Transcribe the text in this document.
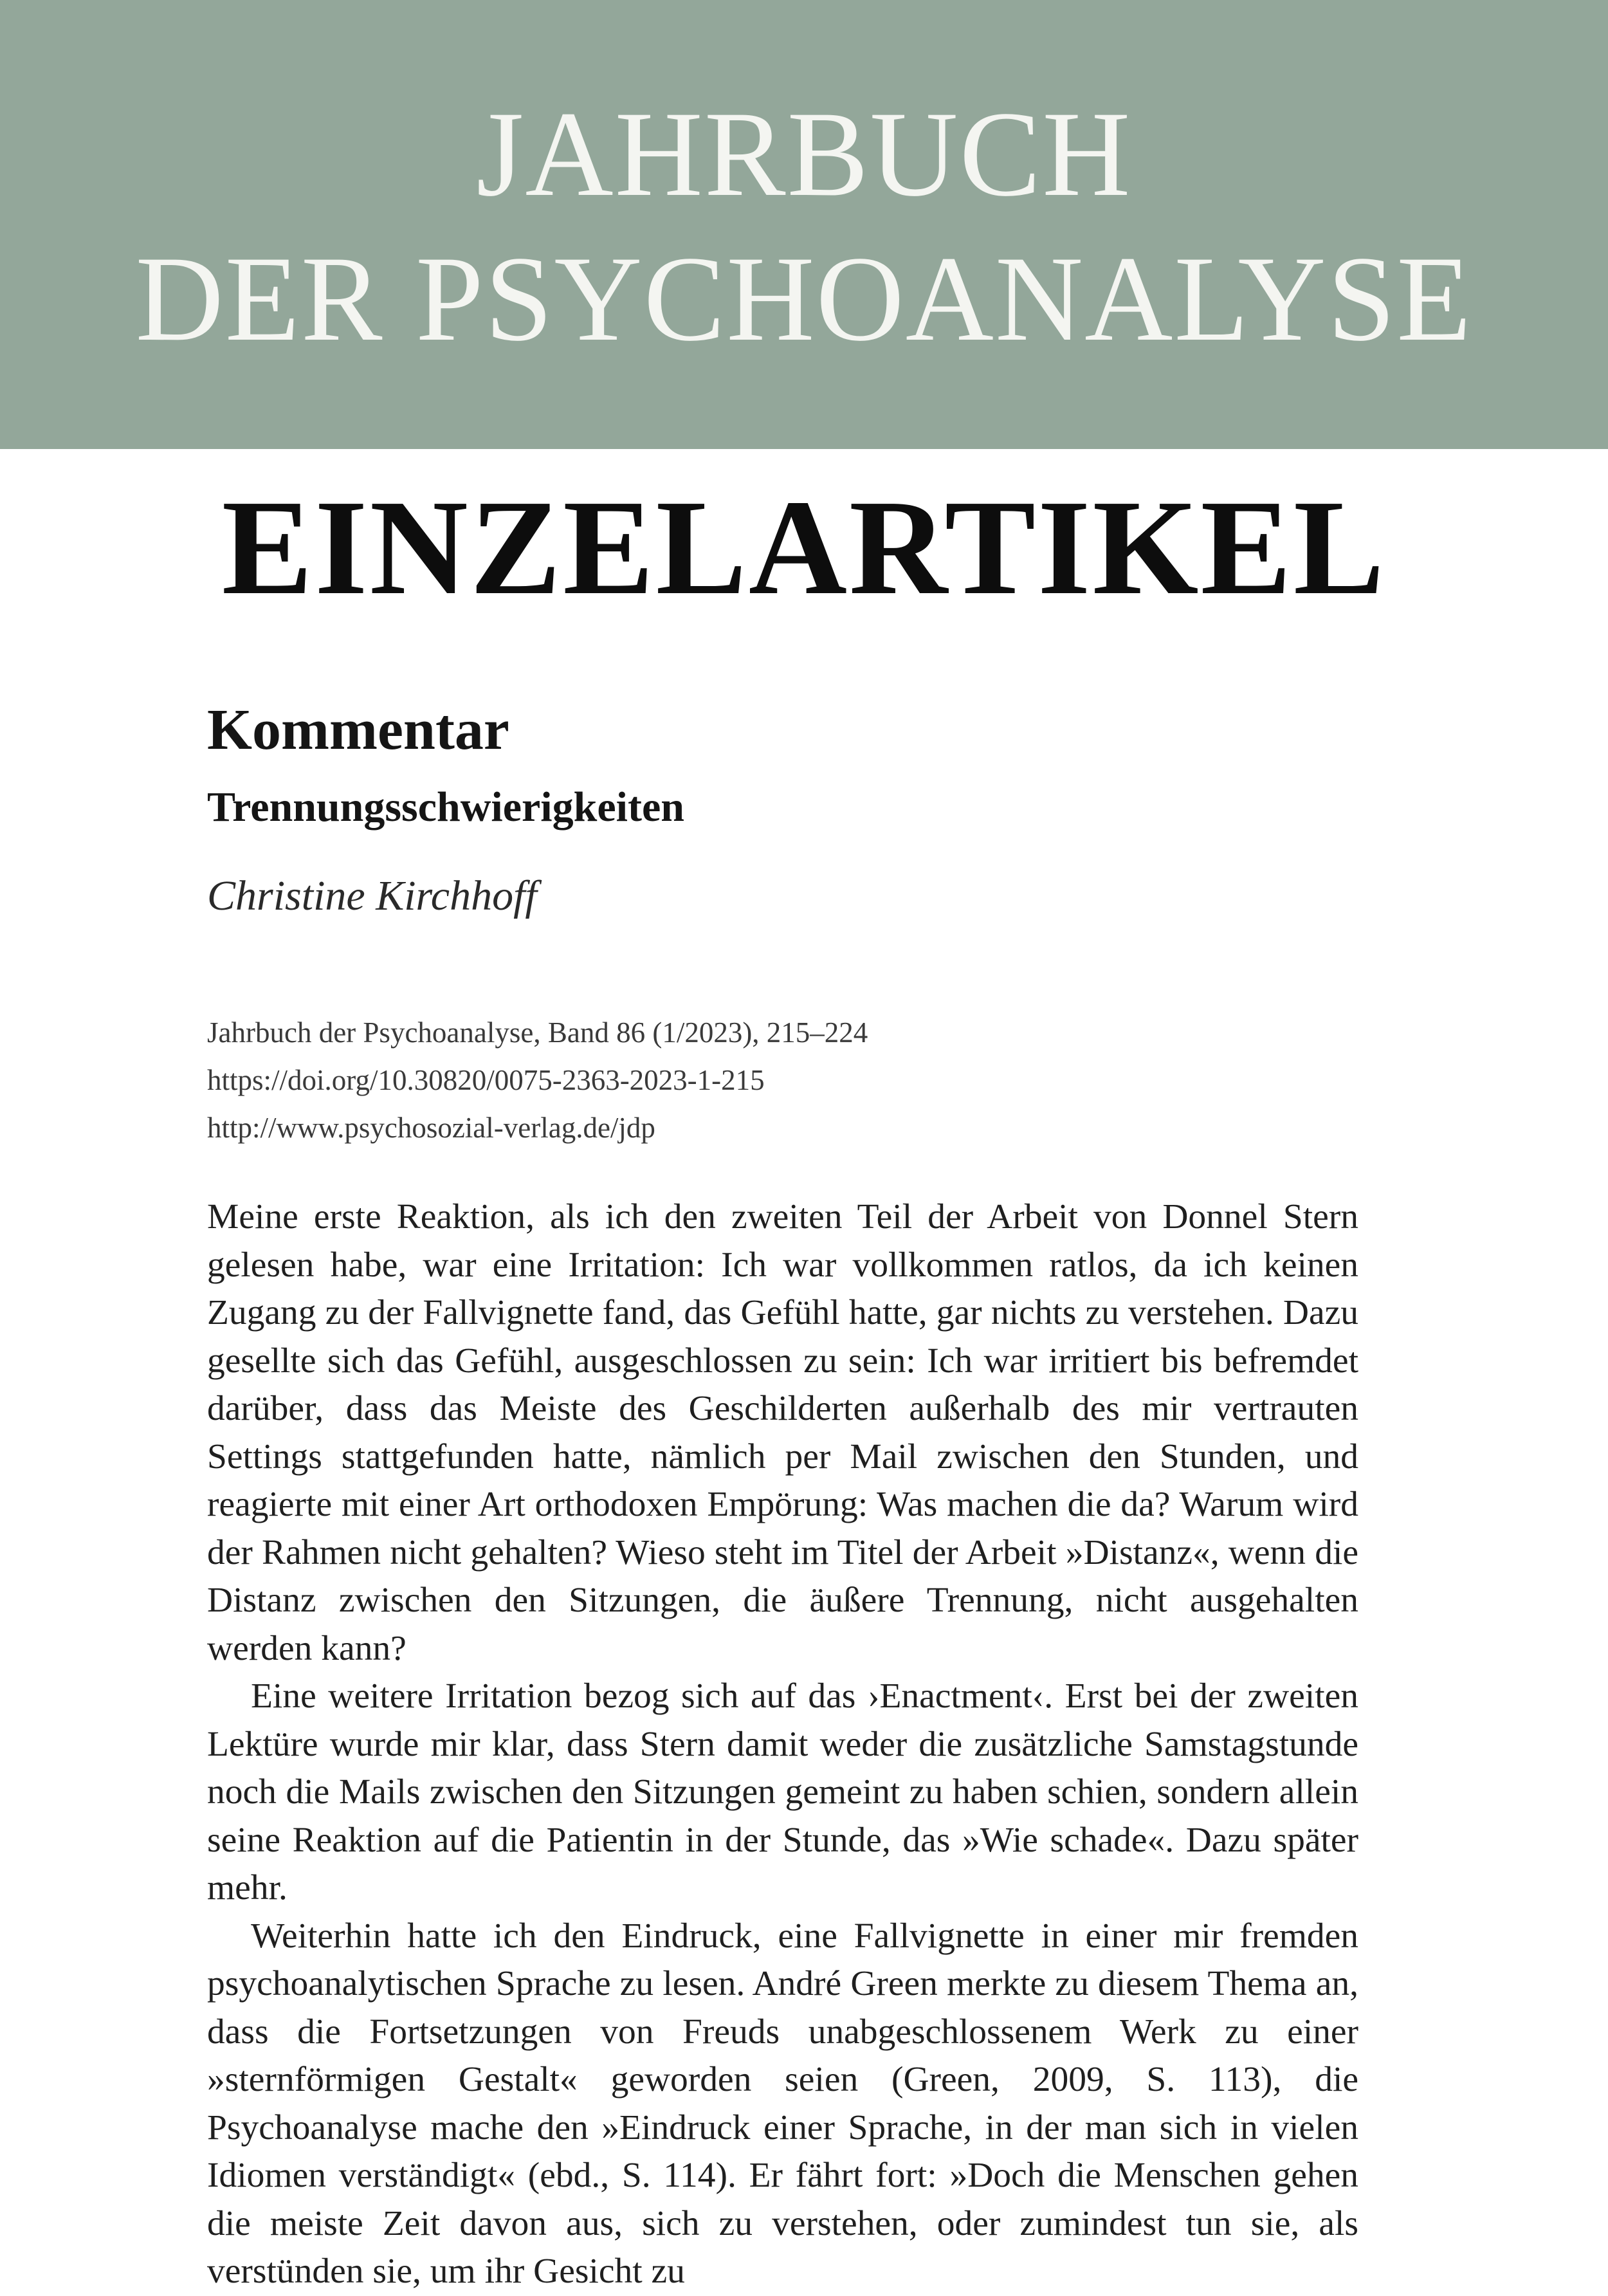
JAHRBUCH
DER PSYCHOANALYSE
EINZELARTIKEL
Kommentar
Trennungsschwierigkeiten
Christine Kirchhoff
Jahrbuch der Psychoanalyse, Band 86 (1/2023), 215–224
https://doi.org/10.30820/0075-2363-2023-1-215
http://www.psychosozial-verlag.de/jdp

Meine erste Reaktion, als ich den zweiten Teil der Arbeit von Donnel Stern gelesen habe, war eine Irritation: Ich war vollkommen ratlos, da ich keinen Zugang zu der Fallvignette fand, das Gefühl hatte, gar nichts zu verstehen. Dazu gesellte sich das Gefühl, ausgeschlossen zu sein: Ich war irritiert bis befremdet darüber, dass das Meiste des Geschilderten außerhalb des mir vertrauten Settings stattgefunden hatte, nämlich per Mail zwischen den Stunden, und reagierte mit einer Art orthodoxen Empörung: Was machen die da? Warum wird der Rahmen nicht gehalten? Wieso steht im Titel der Arbeit »Distanz«, wenn die Distanz zwischen den Sitzungen, die äußere Trennung, nicht ausgehalten werden kann?

Eine weitere Irritation bezog sich auf das ›Enactment‹. Erst bei der zweiten Lektüre wurde mir klar, dass Stern damit weder die zusätzliche Samstagstunde noch die Mails zwischen den Sitzungen gemeint zu haben schien, sondern allein seine Reaktion auf die Patientin in der Stunde, das »Wie schade«. Dazu später mehr.

Weiterhin hatte ich den Eindruck, eine Fallvignette in einer mir fremden psychoanalytischen Sprache zu lesen. André Green merkte zu diesem Thema an, dass die Fortsetzungen von Freuds unabgeschlossenem Werk zu einer »sternförmigen Gestalt« geworden seien (Green, 2009, S. 113), die Psychoanalyse mache den »Eindruck einer Sprache, in der man sich in vielen Idiomen verständigt« (ebd., S. 114). Er fährt fort: »Doch die Menschen gehen die meiste Zeit davon aus, sich zu verstehen, oder zumindest tun sie, als verstünden sie, um ihr Gesicht zu
